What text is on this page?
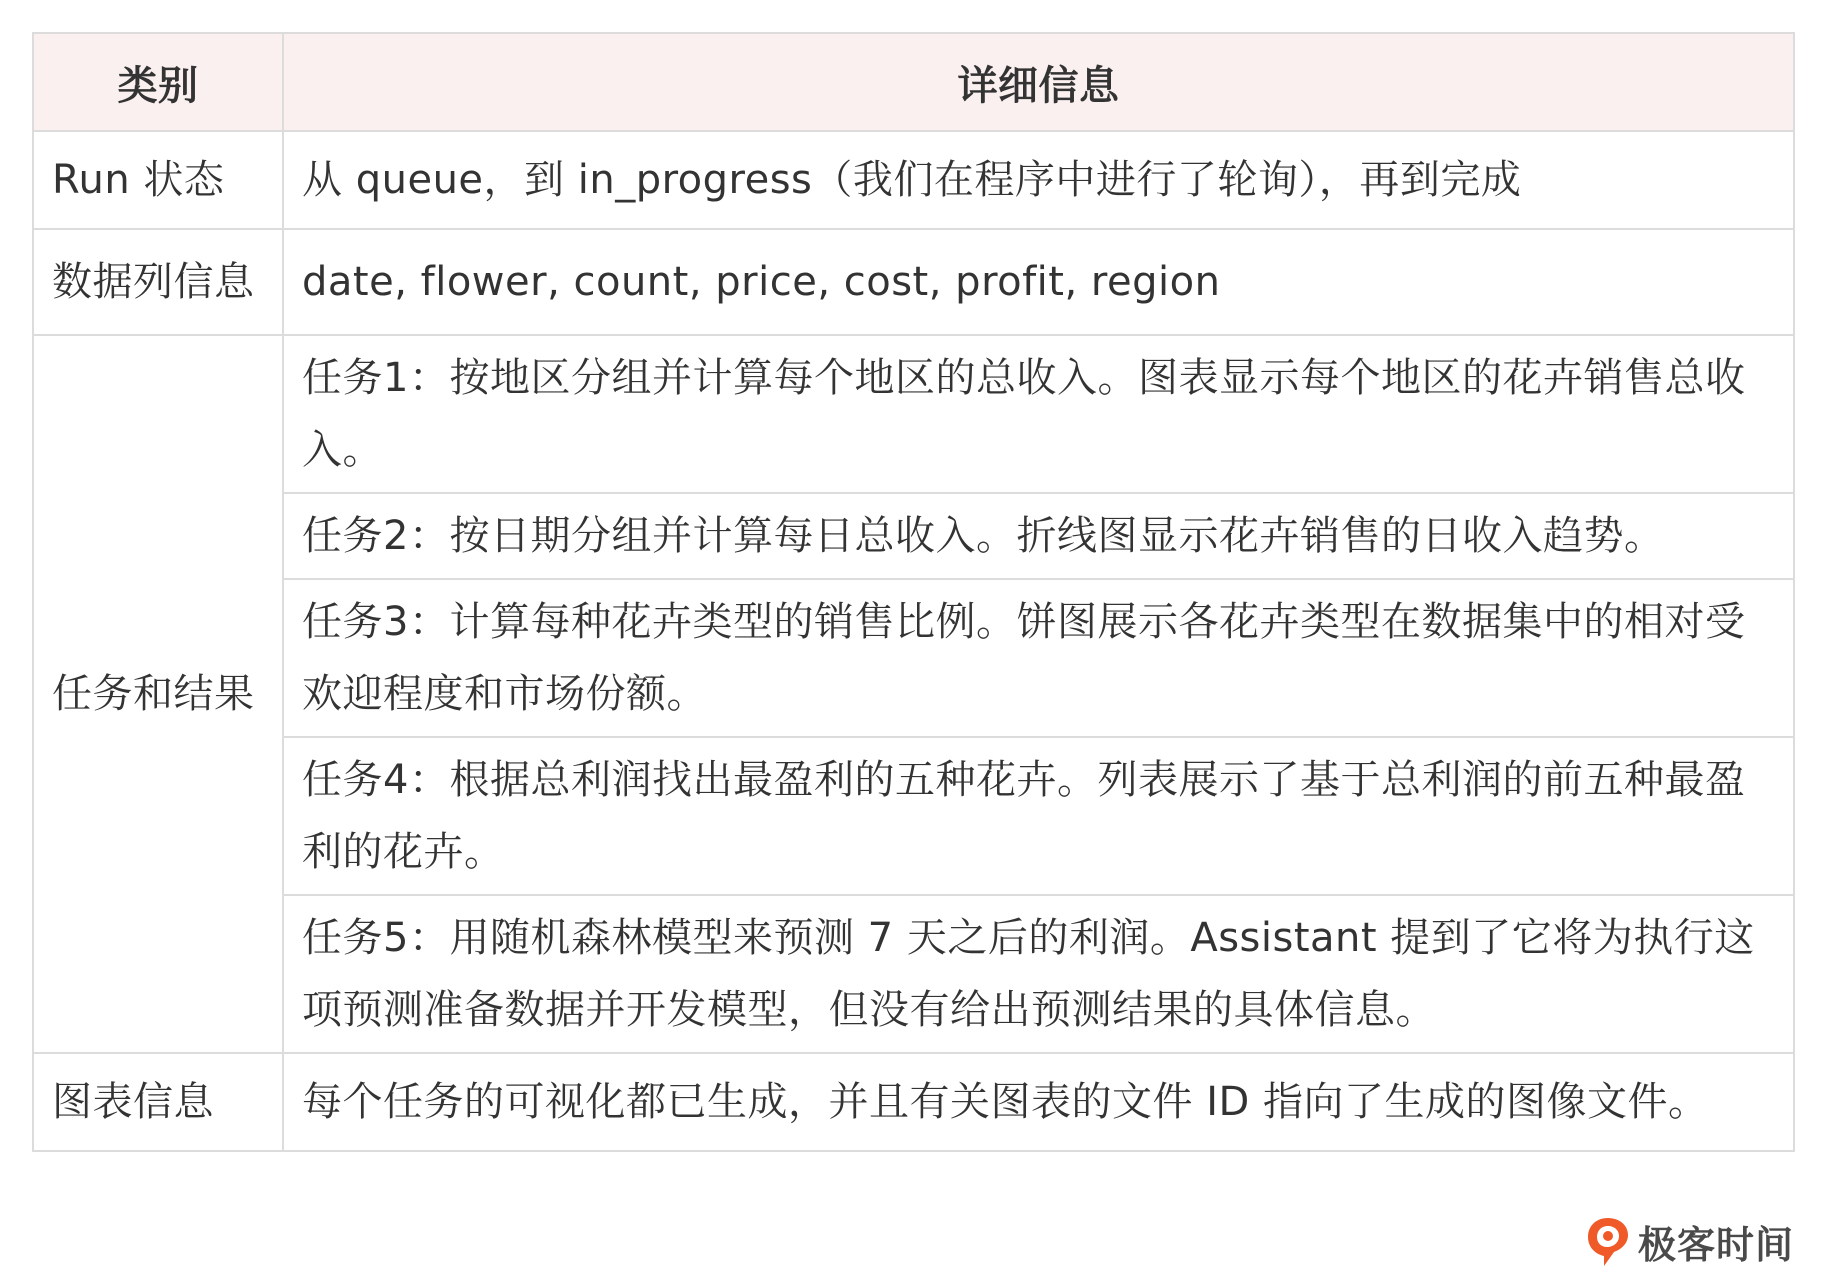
类别	详细信息
Run 状态	从 queue，到 in_progress（我们在程序中进行了轮询），再到完成
数据列信息	date, flower, count, price, cost, profit, region
任务和结果	任务1：按地区分组并计算每个地区的总收入。图表显示每个地区的花卉销售总收入。
	任务2：按日期分组并计算每日总收入。折线图显示花卉销售的日收入趋势。
	任务3：计算每种花卉类型的销售比例。饼图展示各花卉类型在数据集中的相对受欢迎程度和市场份额。
	任务4：根据总利润找出最盈利的五种花卉。列表展示了基于总利润的前五种最盈利的花卉。
	任务5：用随机森林模型来预测 7 天之后的利润。Assistant 提到了它将为执行这项预测准备数据并开发模型，但没有给出预测结果的具体信息。
图表信息	每个任务的可视化都已生成，并且有关图表的文件 ID 指向了生成的图像文件。
极客时间
